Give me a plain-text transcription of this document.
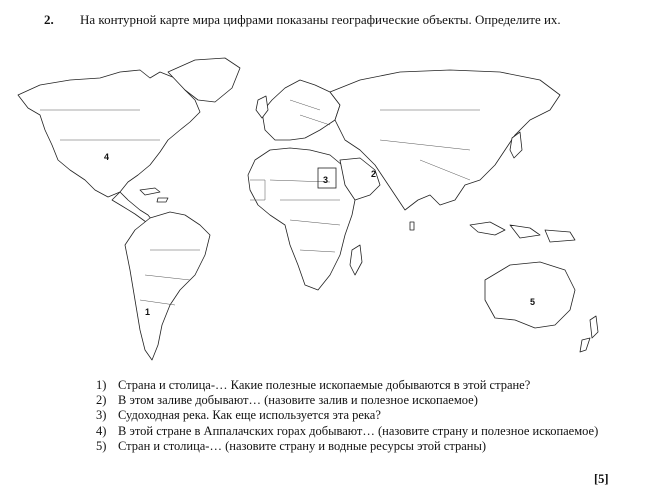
2. На контурной карте мира цифрами показаны географические объекты. Определите их.
1
2
3
4
5
1) Страна и столица-… Какие полезные ископаемые добываются в этой стране?
2) В этом заливе добывают… (назовите залив и полезное ископаемое)
3) Судоходная река. Как еще используется эта река?
4) В этой стране в Аппалачских горах добывают… (назовите страну и полезное ископаемое)
5) Стран и столица-… (назовите страну и водные ресурсы этой страны)
[5]
